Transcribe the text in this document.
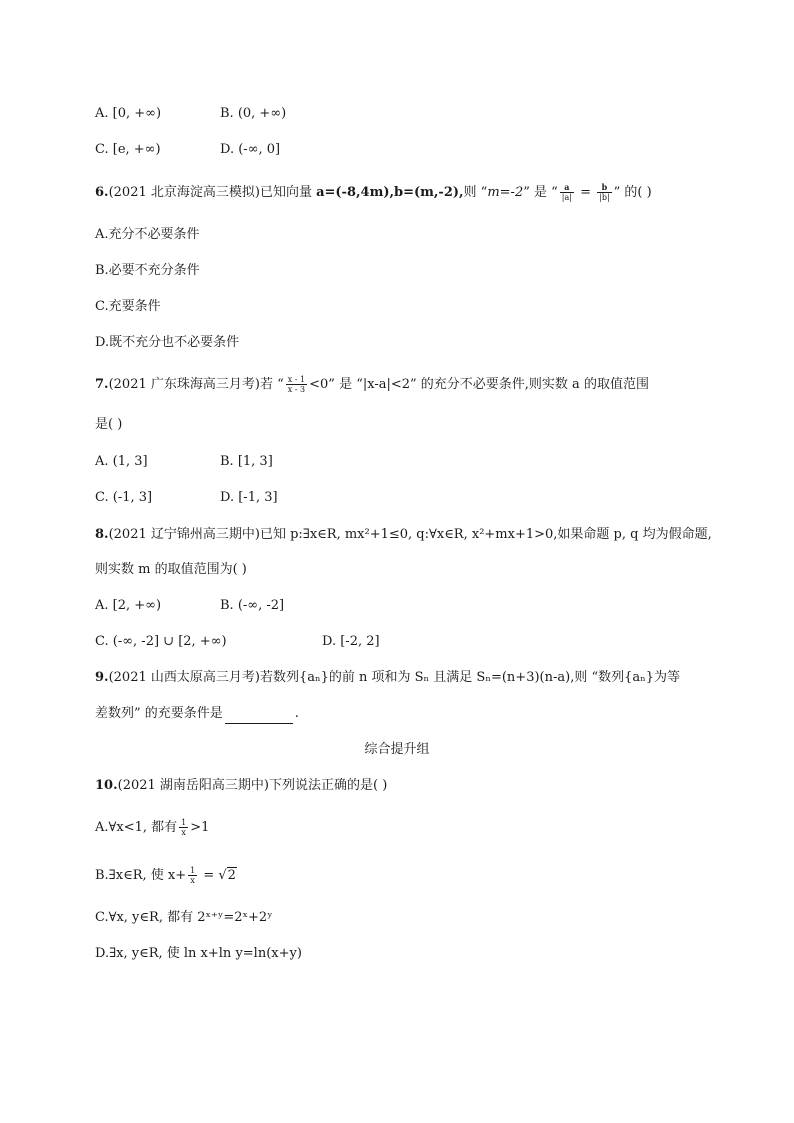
A. [0, +∞)	B. (0, +∞)
C. [e, +∞)	D. (-∞, 0]
6.(2021 北京海淀高三模拟)已知向量 a=(-8,4m),b=(m,-2),则 “m=-2” 是 “ $\frac{a}{|a|} = \frac{b}{|b|}$ ” 的( )
A.充分不必要条件
B.必要不充分条件
C.充要条件
D.既不充分也不必要条件
7.(2021 广东珠海高三月考)若 “ $\frac{x - 1}{x - 3} <0$” 是 “|x-a|<2” 的充分不必要条件,则实数 a 的取值范围
是( )
A. (1, 3]	B. [1, 3]
C. (-1, 3]	D. [-1, 3]
8.(2021 辽宁锦州高三期中)已知 p:∃x∈R, mx²+1≤0, q:∀x∈R, x²+mx+1>0,如果命题 p, q 均为假命题,
则实数 m 的取值范围为( )
A. [2, +∞)	B. (-∞, -2]
C. (-∞, -2] ∪ [2, +∞)	D. [-2, 2]
9.(2021 山西太原高三月考)若数列{aₙ}的前 n 项和为 Sₙ 且满足 Sₙ=(n+3)(n-a),则 “数列{aₙ}为等
差数列” 的充要条件是	.
综合提升组
10.(2021 湖南岳阳高三期中)下列说法正确的是( )
A.∀x<1, 都有 $\frac{1}{x} >1$
B.∃x∈R, 使 $x+ \frac{1}{x} = √2$
C.∀x, y∈R, 都有 2ˣ⁺ʸ=2ˣ+2ʸ
D.∃x, y∈R, 使 ln x+ln y=ln(x+y)
